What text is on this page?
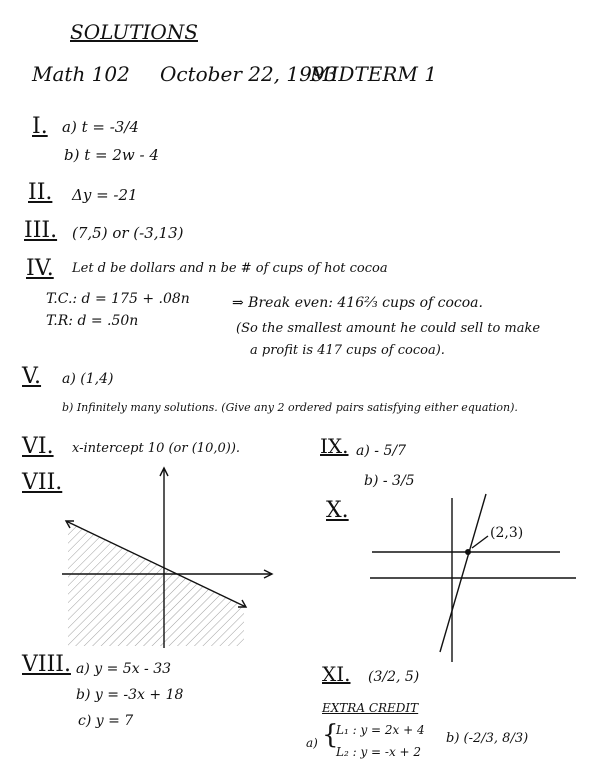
SOLUTIONS
Math 102 October 22, 1993
MIDTERM 1
I. a) t = -3/4
b) t = 2w - 4
II. Δy = -21
III. (7,5) or (-3,13)
IV. Let d be dollars and n be # of cups of hot cocoa
T.C.: d = 175 + .08n
T.R: d = .50n
⇒ Break even: 416⅔ cups of cocoa.
(So the smallest amount he could sell to make
a profit is 417 cups of cocoa).
V. a) (1,4)
b) Infinitely many solutions. (Give any 2 ordered pairs satisfying either equation).
VI. x-intercept 10 (or (10,0)).	IX. a) - 5/7
b) - 3/5
VII.
X.
(2,3)
VIII. a) y = 5x - 33
b) y = -3x + 18
c) y = 7
XI. (3/2, 5)
EXTRA CREDIT
a) {
L₁ : y = 2x + 4
L₂ : y = -x + 2
b) (-2/3, 8/3)
